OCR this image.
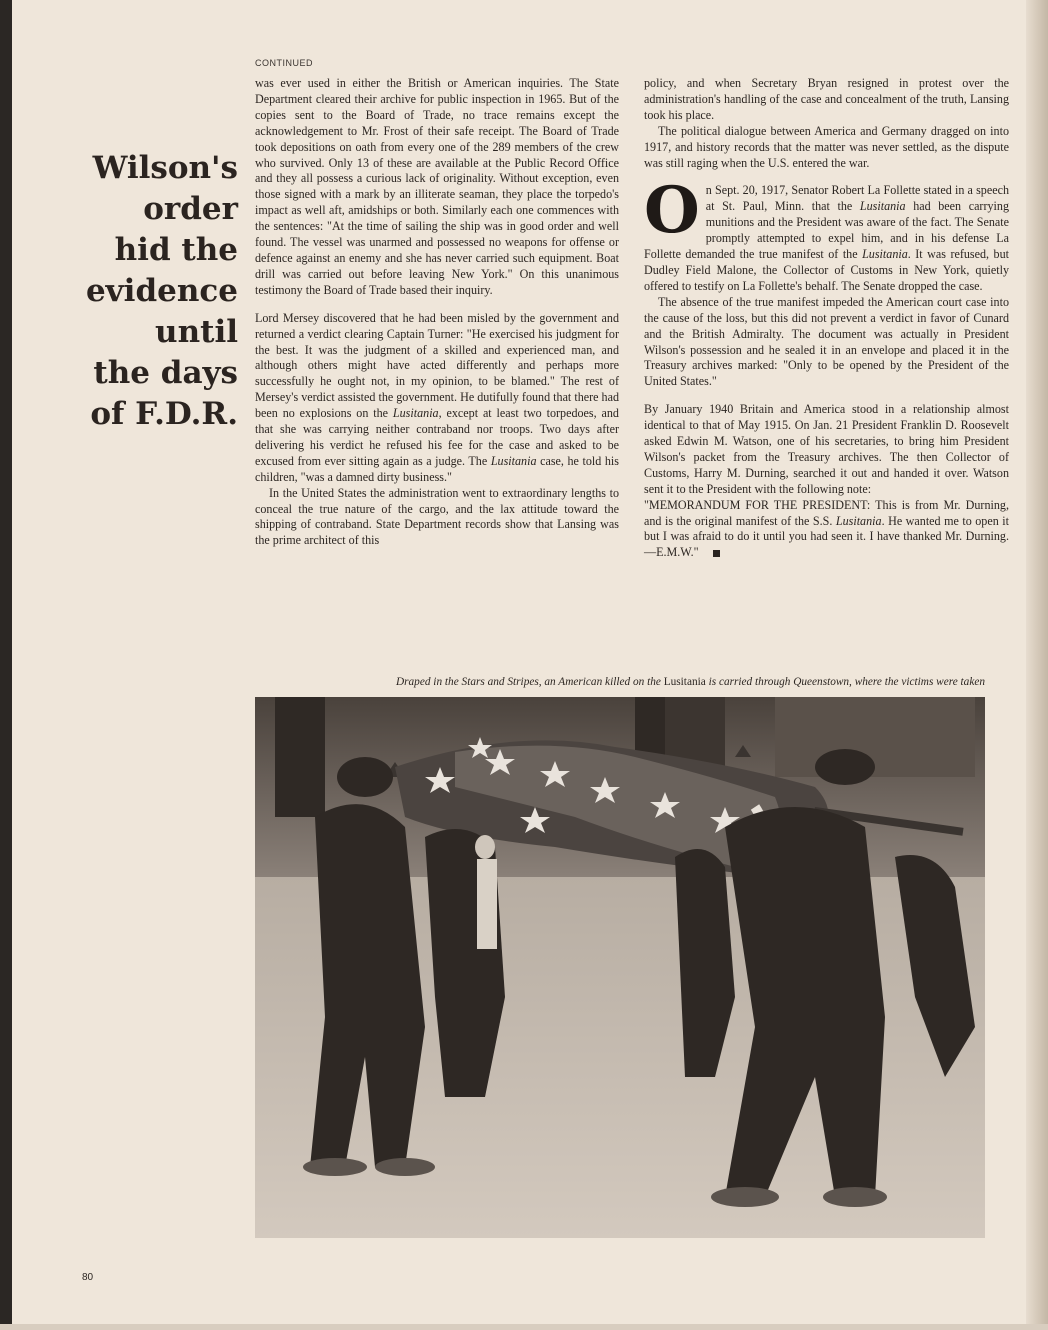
CONTINUED
Wilson's
order
hid the
evidence
until
the days
of F.D.R.

was ever used in either the British or American inquiries. The State Department cleared their archive for public inspection in 1965. But of the copies sent to the Board of Trade, no trace remains except the acknowledgement to Mr. Frost of their safe receipt. The Board of Trade took depositions on oath from every one of the 289 members of the crew who survived. Only 13 of these are available at the Public Record Office and they all possess a curious lack of originality. Without exception, even those signed with a mark by an illiterate seaman, they place the torpedo's impact as well aft, amidships or both. Similarly each one commences with the sentences: "At the time of sailing the ship was in good order and well found. The vessel was unarmed and possessed no weapons for offense or defence against an enemy and she has never carried such equipment. Boat drill was carried out before leaving New York." On this unanimous testimony the Board of Trade based their inquiry.

Lord Mersey discovered that he had been misled by the government and returned a verdict clearing Captain Turner: "He exercised his judgment for the best. It was the judgment of a skilled and experienced man, and although others might have acted differently and perhaps more successfully he ought not, in my opinion, to be blamed." The rest of Mersey's verdict assisted the government. He dutifully found that there had been no explosions on the Lusitania, except at least two torpedoes, and that she was carrying neither contraband nor troops. Two days after delivering his verdict he refused his fee for the case and asked to be excused from ever sitting again as a judge. The Lusitania case, he told his children, "was a damned dirty business."

In the United States the administration went to extraordinary lengths to conceal the true nature of the cargo, and the lax attitude toward the shipping of contraband. State Department records show that Lansing was the prime architect of this

policy, and when Secretary Bryan resigned in protest over the administration's handling of the case and concealment of the truth, Lansing took his place.

The political dialogue between America and Germany dragged on into 1917, and history records that the matter was never settled, as the dispute was still raging when the U.S. entered the war.

O n Sept. 20, 1917, Senator Robert La Follette stated in a speech at St. Paul, Minn. that the Lusitania had been carrying munitions and the President was aware of the fact. The Senate promptly attempted to expel him, and in his defense La Follette demanded the true manifest of the Lusitania. It was refused, but Dudley Field Malone, the Collector of Customs in New York, quietly offered to testify on La Follette's behalf. The Senate dropped the case.

The absence of the true manifest impeded the American court case into the cause of the loss, but this did not prevent a verdict in favor of Cunard and the British Admiralty. The document was actually in President Wilson's possession and he sealed it in an envelope and placed it in the Treasury archives marked: "Only to be opened by the President of the United States."

By January 1940 Britain and America stood in a relationship almost identical to that of May 1915. On Jan. 21 President Franklin D. Roosevelt asked Edwin M. Watson, one of his secretaries, to bring him President Wilson's packet from the Treasury archives. The then Collector of Customs, Harry M. Durning, searched it out and handed it over. Watson sent it to the President with the following note:

"MEMORANDUM FOR THE PRESIDENT: This is from Mr. Durning, and is the original manifest of the S.S. Lusitania. He wanted me to open it but I was afraid to do it until you had seen it. I have thanked Mr. Durning.—E.M.W."

Draped in the Stars and Stripes, an American killed on the Lusitania is carried through Queenstown, where the victims were taken
80
